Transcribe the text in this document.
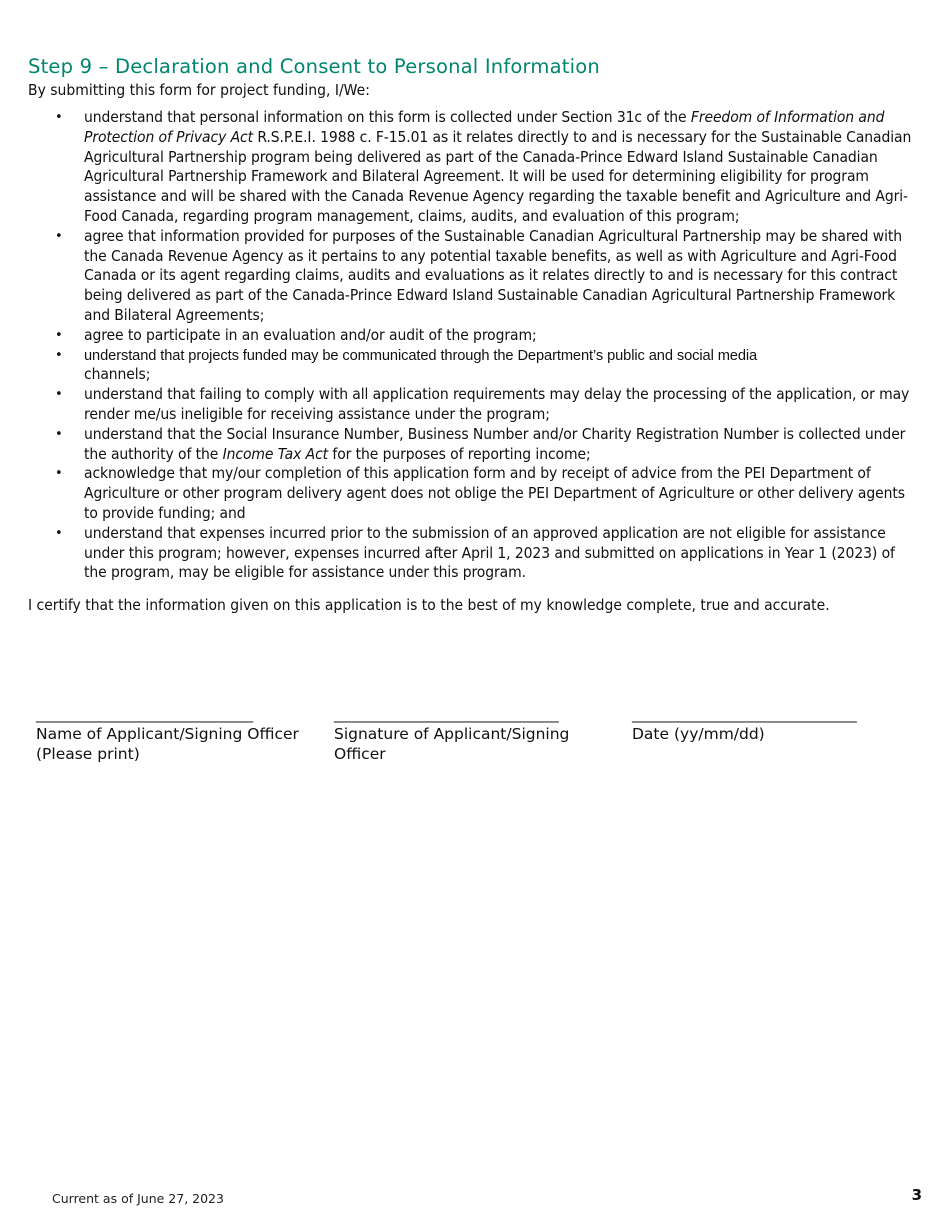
Step 9 – Declaration and Consent to Personal Information

By submitting this form for project funding, I/We:

• understand that personal information on this form is collected under Section 31c of the Freedom of Information and Protection of Privacy Act R.S.P.E.I. 1988 c. F-15.01 as it relates directly to and is necessary for the Sustainable Canadian Agricultural Partnership program being delivered as part of the Canada-Prince Edward Island Sustainable Canadian Agricultural Partnership Framework and Bilateral Agreement. It will be used for determining eligibility for program assistance and will be shared with the Canada Revenue Agency regarding the taxable benefit and Agriculture and Agri-Food Canada, regarding program management, claims, audits, and evaluation of this program;
• agree that information provided for purposes of the Sustainable Canadian Agricultural Partnership may be shared with the Canada Revenue Agency as it pertains to any potential taxable benefits, as well as with Agriculture and Agri-Food Canada or its agent regarding claims, audits and evaluations as it relates directly to and is necessary for this contract being delivered as part of the Canada-Prince Edward Island Sustainable Canadian Agricultural Partnership Framework and Bilateral Agreements;
• agree to participate in an evaluation and/or audit of the program;
• understand that projects funded may be communicated through the Department’s public and social media
channels;
• understand that failing to comply with all application requirements may delay the processing of the application, or may render me/us ineligible for receiving assistance under the program;
• understand that the Social Insurance Number, Business Number and/or Charity Registration Number is collected under the authority of the Income Tax Act for the purposes of reporting income;
• acknowledge that my/our completion of this application form and by receipt of advice from the PEI Department of Agriculture or other program delivery agent does not oblige the PEI Department of Agriculture or other delivery agents to provide funding; and
• understand that expenses incurred prior to the submission of an approved application are not eligible for assistance under this program; however, expenses incurred after April 1, 2023 and submitted on applications in Year 1 (2023) of the program, may be eligible for assistance under this program.

I certify that the information given on this application is to the best of my knowledge complete, true and accurate.

____________________________
Name of Applicant/Signing Officer (Please print)
_____________________________
Signature of Applicant/Signing Officer
_____________________________
Date (yy/mm/dd)
Current as of June 27, 2023	3
